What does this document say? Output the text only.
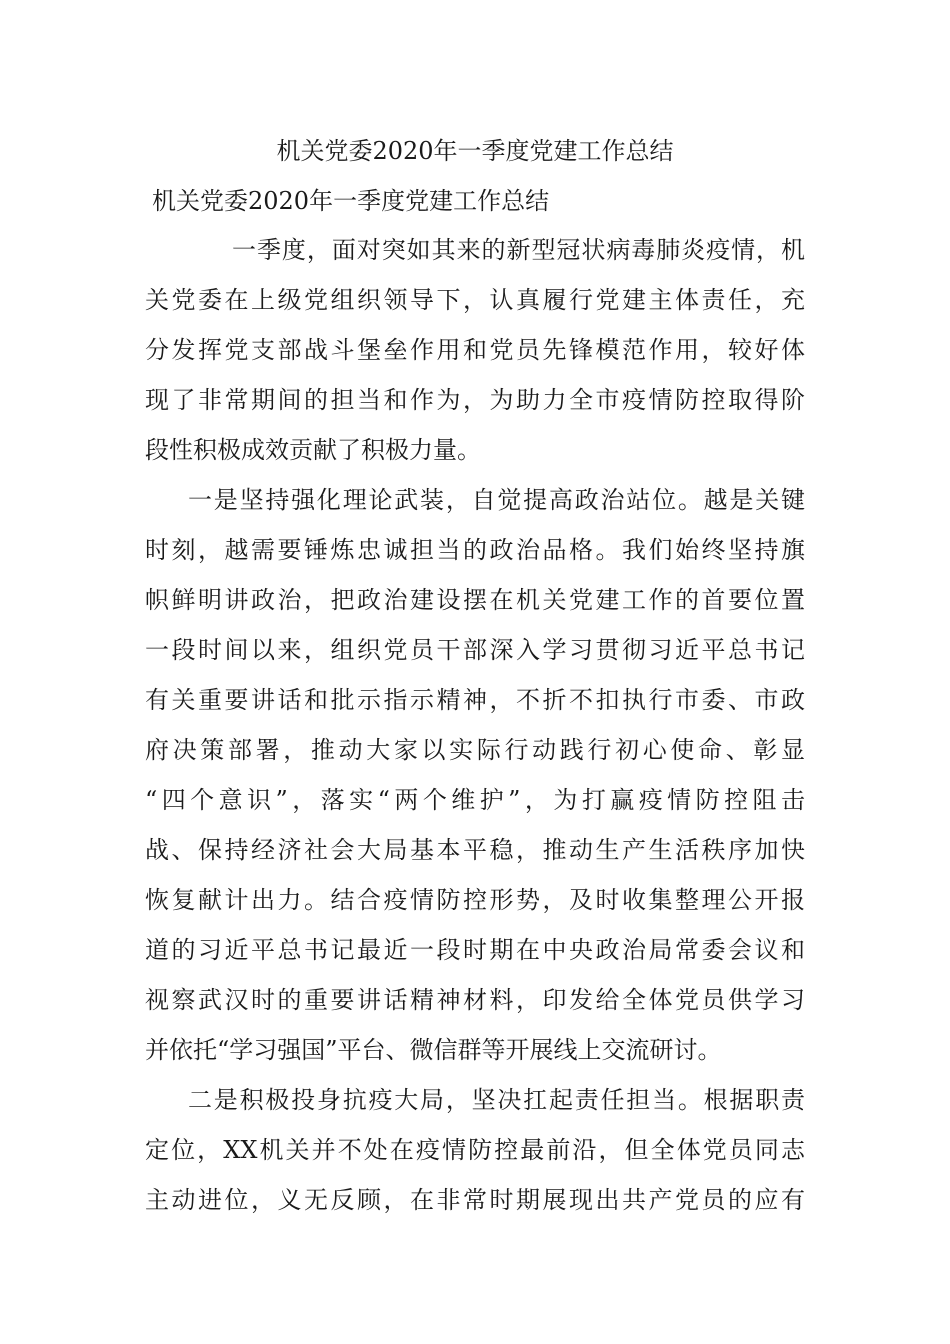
机关党委2020年一季度党建工作总结
机关党委2020年一季度党建工作总结
一季度，面对突如其来的新型冠状病毒肺炎疫情，机
关党委在上级党组织领导下，认真履行党建主体责任，充
分发挥党支部战斗堡垒作用和党员先锋模范作用，较好体
现了非常期间的担当和作为，为助力全市疫情防控取得阶
段性积极成效贡献了积极力量。
一是坚持强化理论武装，自觉提高政治站位。越是关键
时刻，越需要锤炼忠诚担当的政治品格。我们始终坚持旗
帜鲜明讲政治，把政治建设摆在机关党建工作的首要位置
一段时间以来，组织党员干部深入学习贯彻习近平总书记
有关重要讲话和批示指示精神，不折不扣执行市委、市政
府决策部署，推动大家以实际行动践行初心使命、彰显
“四个意识”，落实“两个维护”，为打赢疫情防控阻击
战、保持经济社会大局基本平稳，推动生产生活秩序加快
恢复献计出力。结合疫情防控形势，及时收集整理公开报
道的习近平总书记最近一段时期在中央政治局常委会议和
视察武汉时的重要讲话精神材料，印发给全体党员供学习
并依托“学习强国”平台、微信群等开展线上交流研讨。
二是积极投身抗疫大局，坚决扛起责任担当。根据职责
定位，XX机关并不处在疫情防控最前沿，但全体党员同志
主动进位，义无反顾，在非常时期展现出共产党员的应有
